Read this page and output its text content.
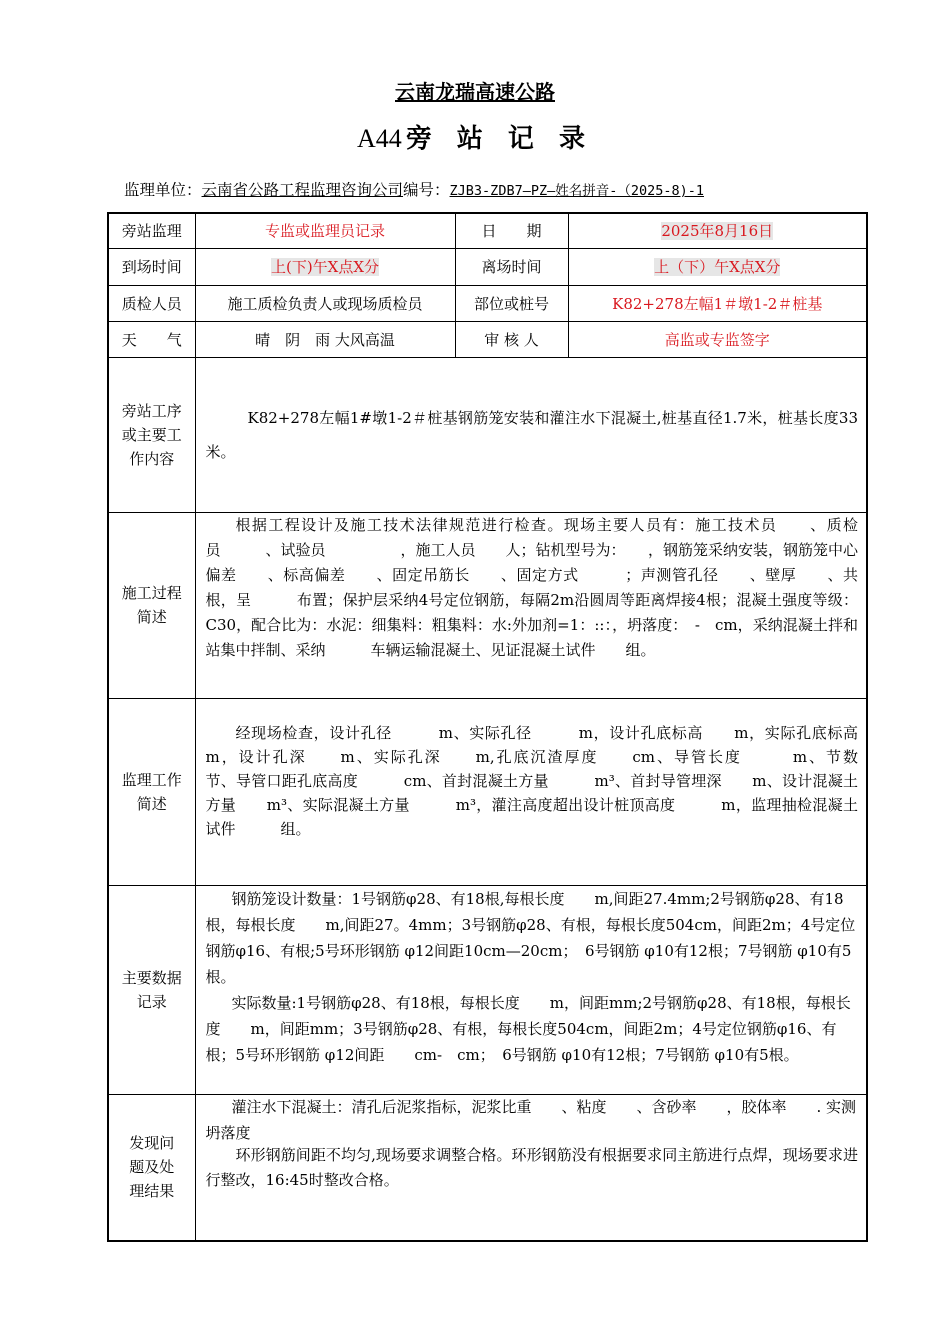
云南龙瑞高速公路
A44 旁 站 记 录
监理单位：云南省公路工程监理咨询公司编号：ZJB3-ZDB7—PZ—姓名拼音-（2025-8)-1
旁站监理	专监或监理员记录	日　　期	2025年8月16日
到场时间	上(下)午X点X分	离场时间	上（下）午X点X分
质检人员	施工质检负责人或现场质检员	部位或桩号	K82+278左幅1＃墩1-2＃桩基
天　　气	晴　阴　雨 大风高温	审 核 人	高监或专监签字

旁站工序或主要工作内容	K82+278左幅1#墩1-2＃桩基钢筋笼安装和灌注水下混凝土,桩基直径1.7米，桩基长度33米。		

施工过程简述	根据工程设计及施工技术法律规范进行检查。现场主要人员有：施工技术员　　、质检员　　　、试验员　　　　　，施工人员　　人；钻机型号为：　　，钢筋笼采纳安装，钢筋笼中心偏差　　、标高偏差　　、固定吊筋长　　、固定方式　　　；声测管孔径　　、壁厚　　、共　根，呈　　　布置；保护层采纳4号定位钢筋，每隔2m沿圆周等距离焊接4根；混凝土强度等级：C30，配合比为：水泥：细集料：粗集料：水:外加剂=1：::：，坍落度：　-　cm，采纳混凝土拌和站集中拌制、采纳　　　车辆运输混凝土、见证混凝土试件　　组。		

监理工作简述	经现场检查，设计孔径　　　m、实际孔径　　　m，设计孔底标高　　m，实际孔底标高　　m，设计孔深　　m、实际孔深　　m,孔底沉渣厚度　　cm、导管长度　　　m、节数　　　节、导管口距孔底高度　　　cm、首封混凝土方量　　　m³、首封导管埋深　　m、设计混凝土方量　　m³、实际混凝土方量　　　m³，灌注高度超出设计桩顶高度　　　m，监理抽检混凝土试件　　　组。		

主要数据记录	钢筋笼设计数量：1号钢筋φ28、有18根,每根长度　　m,间距27.4mm;2号钢筋φ28、有18根，每根长度　　m,间距27。4mm；3号钢筋φ28、有根，每根长度504cm，间距2m；4号定位钢筋φ16、有根;5号环形钢筋 φ12间距10cm—20cm；　6号钢筋 φ10有12根；7号钢筋 φ10有5根。
实际数量:1号钢筋φ28、有18根，每根长度　　m，间距mm;2号钢筋φ28、有18根，每根长度　　m，间距mm；3号钢筋φ28、有根，每根长度504cm，间距2m；4号定位钢筋φ16、有根；5号环形钢筋 φ12间距　　cm-　cm；　6号钢筋 φ10有12根；7号钢筋 φ10有5根。
灌注水下混凝土：清孔后泥浆指标，泥浆比重　　、粘度　　、含砂率　　，胶体率　　. 实测坍落度		

发现问题及处理结果	环形钢筋间距不均匀,现场要求调整合格。环形钢筋没有根据要求同主筋进行点焊，现场要求进行整改，16:45时整改合格。		
